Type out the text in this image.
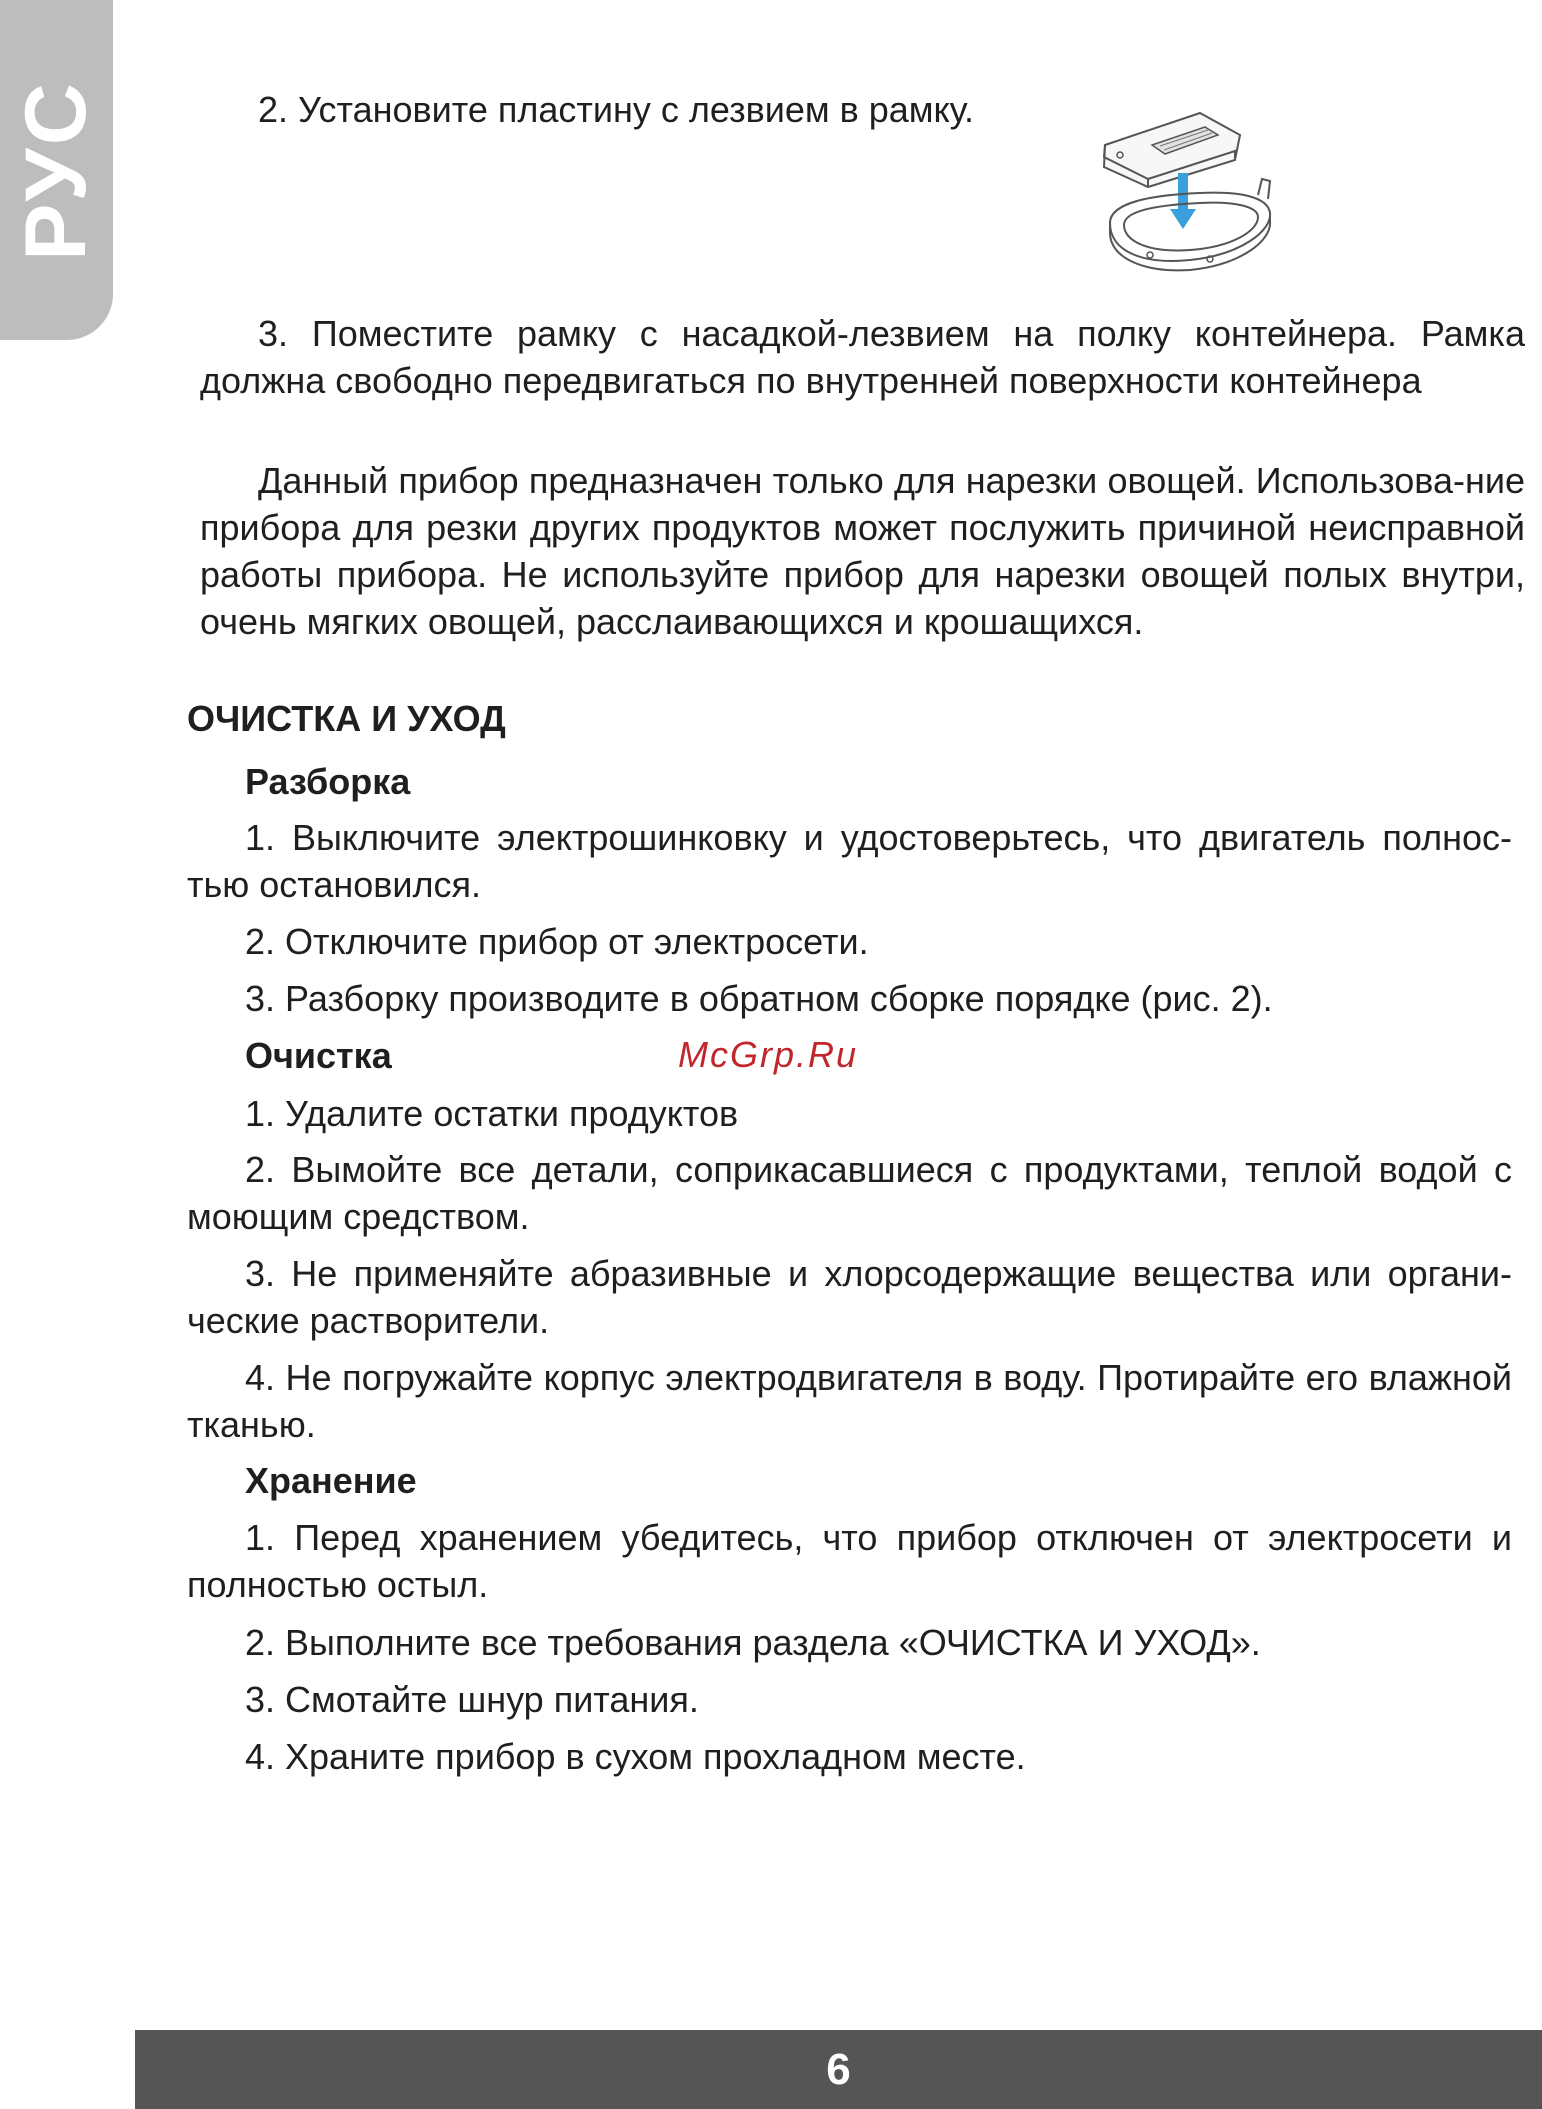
РУС	2. Установите пластину с лезвием в рамку.

3. Поместите рамку с насадкой-лезвием на полку контейнера. Рамка должна свободно передвигаться по внутренней поверхности контейнера

Данный прибор предназначен только для нарезки овощей. Использова-ние прибора для резки других продуктов может послужить причиной неисправной работы прибора. Не используйте прибор для нарезки овощей полых внутри, очень мягких овощей, расслаивающихся и крошащихся.

ОЧИСТКА И УХОД
Разборка

1. Выключите электрошинковку и удостоверьтесь, что двигатель полнос-тью остановился.

2. Отключите прибор от электросети.

3. Разборку производите в обратном сборке порядке (рис. 2).

Очистка	McGrp.Ru

1. Удалите остатки продуктов

2. Вымойте все детали, соприкасавшиеся с продуктами, теплой водой с моющим средством.

3. Не применяйте абразивные и хлорсодержащие вещества или органи-ческие растворители.

4. Не погружайте корпус электродвигателя в воду. Протирайте его влажной тканью.

Хранение

1. Перед хранением убедитесь, что прибор отключен от электросети и полностью остыл.

2. Выполните все требования раздела «ОЧИСТКА И УХОД».

3. Смотайте шнур питания.

4. Храните прибор в сухом прохладном месте.

6
